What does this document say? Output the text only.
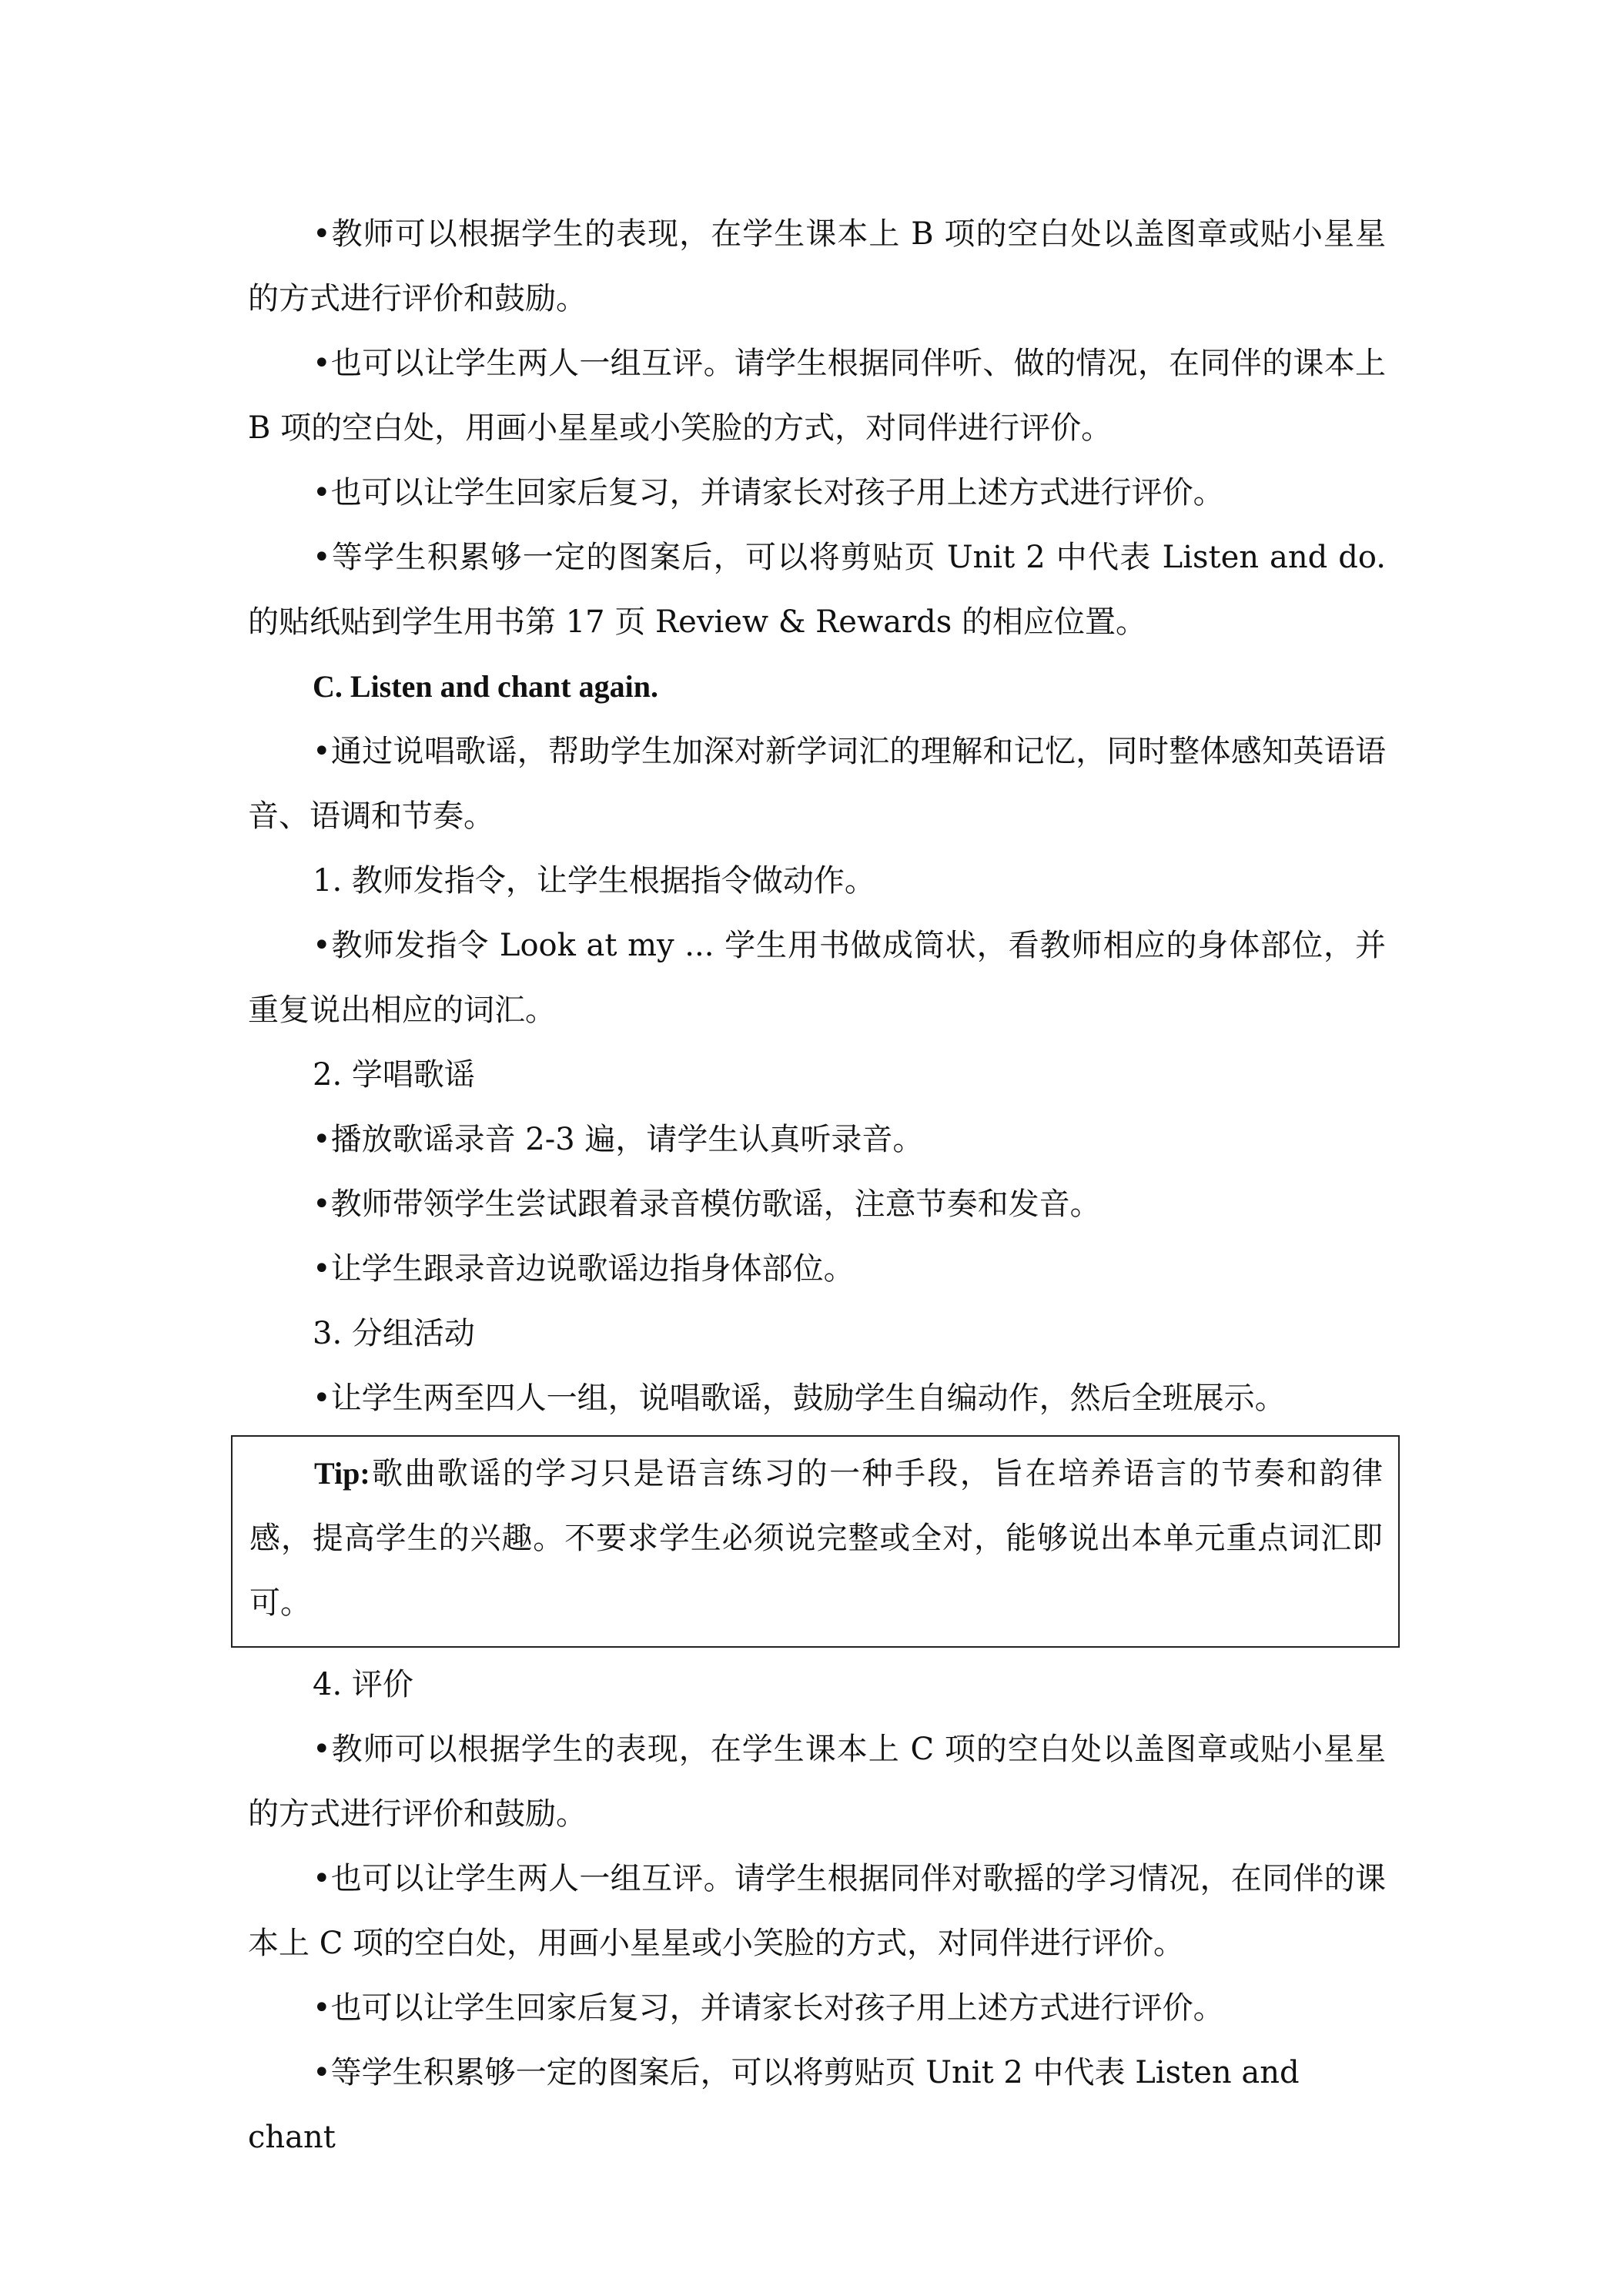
•教师可以根据学生的表现，在学生课本上 B 项的空白处以盖图章或贴小星星的方式进行评价和鼓励。

•也可以让学生两人一组互评。请学生根据同伴听、做的情况，在同伴的课本上 B 项的空白处，用画小星星或小笑脸的方式，对同伴进行评价。

•也可以让学生回家后复习，并请家长对孩子用上述方式进行评价。

•等学生积累够一定的图案后，可以将剪贴页 Unit 2 中代表 Listen and do.的贴纸贴到学生用书第 17 页 Review & Rewards 的相应位置。

C. Listen and chant again.

•通过说唱歌谣，帮助学生加深对新学词汇的理解和记忆，同时整体感知英语语音、语调和节奏。

1. 教师发指令，让学生根据指令做动作。

•教师发指令 Look at my ... 学生用书做成筒状，看教师相应的身体部位，并重复说出相应的词汇。

2. 学唱歌谣

•播放歌谣录音 2-3 遍，请学生认真听录音。

•教师带领学生尝试跟着录音模仿歌谣，注意节奏和发音。

•让学生跟录音边说歌谣边指身体部位。

3. 分组活动

•让学生两至四人一组，说唱歌谣，鼓励学生自编动作，然后全班展示。

Tip:歌曲歌谣的学习只是语言练习的一种手段，旨在培养语言的节奏和韵律感，提高学生的兴趣。不要求学生必须说完整或全对，能够说出本单元重点词汇即可。

4. 评价

•教师可以根据学生的表现，在学生课本上 C 项的空白处以盖图章或贴小星星的方式进行评价和鼓励。

•也可以让学生两人一组互评。请学生根据同伴对歌摇的学习情况，在同伴的课本上 C 项的空白处，用画小星星或小笑脸的方式，对同伴进行评价。

•也可以让学生回家后复习，并请家长对孩子用上述方式进行评价。

•等学生积累够一定的图案后，可以将剪贴页 Unit 2 中代表 Listen and chant
